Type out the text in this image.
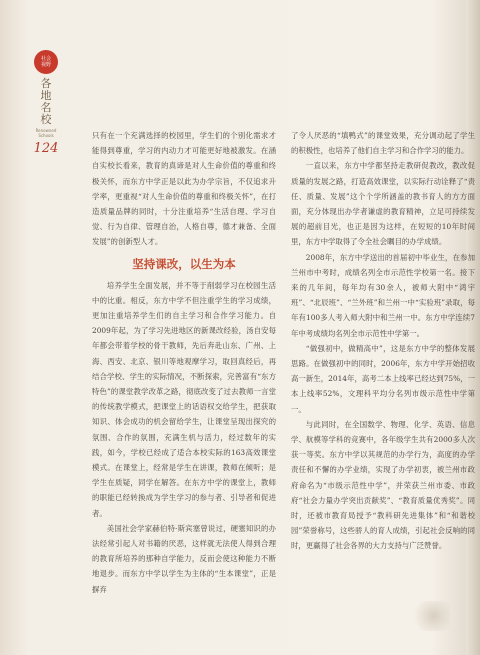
社会
视野
各
地
名
校
Renowned
Schools
124

只有在一个充满选择的校园里，学生们的个别化需求才能得到尊重，学习的内动力才可能更好地被激发。在涵自实校长看来，教育的真谛是对人生命价值的尊重和终极关怀，而东方中学正是以此为办学宗旨，不仅追求升学率，更重视“对人生命价值的尊重和终极关怀”，在打造质量品牌的同时，十分注重培养“生活自理、学习自觉、行为自律、管理自治，人格自尊，德才兼备、全面发展”的创新型人才。

坚持课改，以生为本

培养学生全面发展，并不等于削弱学习在校园生活中的比重。相反，东方中学不但注重学生的学习成绩，更加注重培养学生们的自主学习和合作学习能力。自2009年起，为了学习先进地区的新课改经验，汤自安每年都会带着学校的骨干教师，先后奔赴山东、广州、上海、西安、北京、银川等地观摩学习，取回真经后，再结合学校、学生的实际情况，不断探索，完善富有“东方特色”的课堂教学改革之路，彻底改变了过去教师一言堂的传统教学模式，把课堂上的话语权交给学生，把获取知识、体会成功的机会留给学生，让课堂呈现出探究的氛围、合作的氛围，充满生机与活力，经过数年的实践，如今，学校已经成了适合本校实际的163高效课堂模式。在课堂上，经常是学生在讲课，教师在倾听；是学生在质疑，同学在解答。在东方中学的课堂上，教师的职能已经转换成为学生学习的参与者、引导者和促进者。

美国社会学家赫伯特·斯宾塞曾说过，硬塞知识的办法经常引起人对书籍的厌恶，这样就无法使人得到合理的教育所培养的那种自学能力，反而会使这种能力不断地退步。而东方中学以学生为主体的“生本课堂”，正是摒弃

了令人厌恶的“填鸭式”的课堂效果，充分调动起了学生的积极性，也培养了他们自主学习和合作学习的能力。

一直以来，东方中学都坚持走教研促教改，教改促质量的发展之路，打造高效课堂，以实际行动诠释了“责任、质量、发展”这个个学所涵盖的教书育人的方方面面，充分体现出办学者谦虚的教育精神，立足可持续发展的超前目光，也正是因为这样，在短短的10年时间里，东方中学取得了令全社会瞩目的办学成绩。

2008年，东方中学送出的首届初中毕业生，在参加兰州市中考时，成绩名列全市示范性学校第一名。接下来的几年间，每年均有30余人，被师大附中“鸿宇班”、“北辰班”、“兰外班”和兰州一中“实验班”录取，每年有100多人考入师大附中和兰州一中。东方中学连续7年中考成绩均名列全市示范性中学第一。

“做强初中，做精高中”，这是东方中学的整体发展思路。在做强初中的同时，2006年，东方中学开始招收高一新生，2014年，高考二本上线率已经达到75%，一本上线率52%，文理科平均分名列市级示范性中学第一。

与此同时，在全国数学、物理、化学、英语、信息学、航模等学科的竞赛中，各年级学生共有2000多人次获一等奖。东方中学以其规范的办学行为，高度的办学责任和不懈的办学业绩，实现了办学初衷，被兰州市政府命名为“市级示范性中学”，并荣获兰州市委、市政府“社会力量办学突出贡献奖”、“教育质量优秀奖”。同时，还被市教育局授予“教科研先进集体”和“和谐校园”荣誉称号，这些骄人的育人成绩，引起社会反响的同时，更赢得了社会各界的大力支持与广泛赞誉。
